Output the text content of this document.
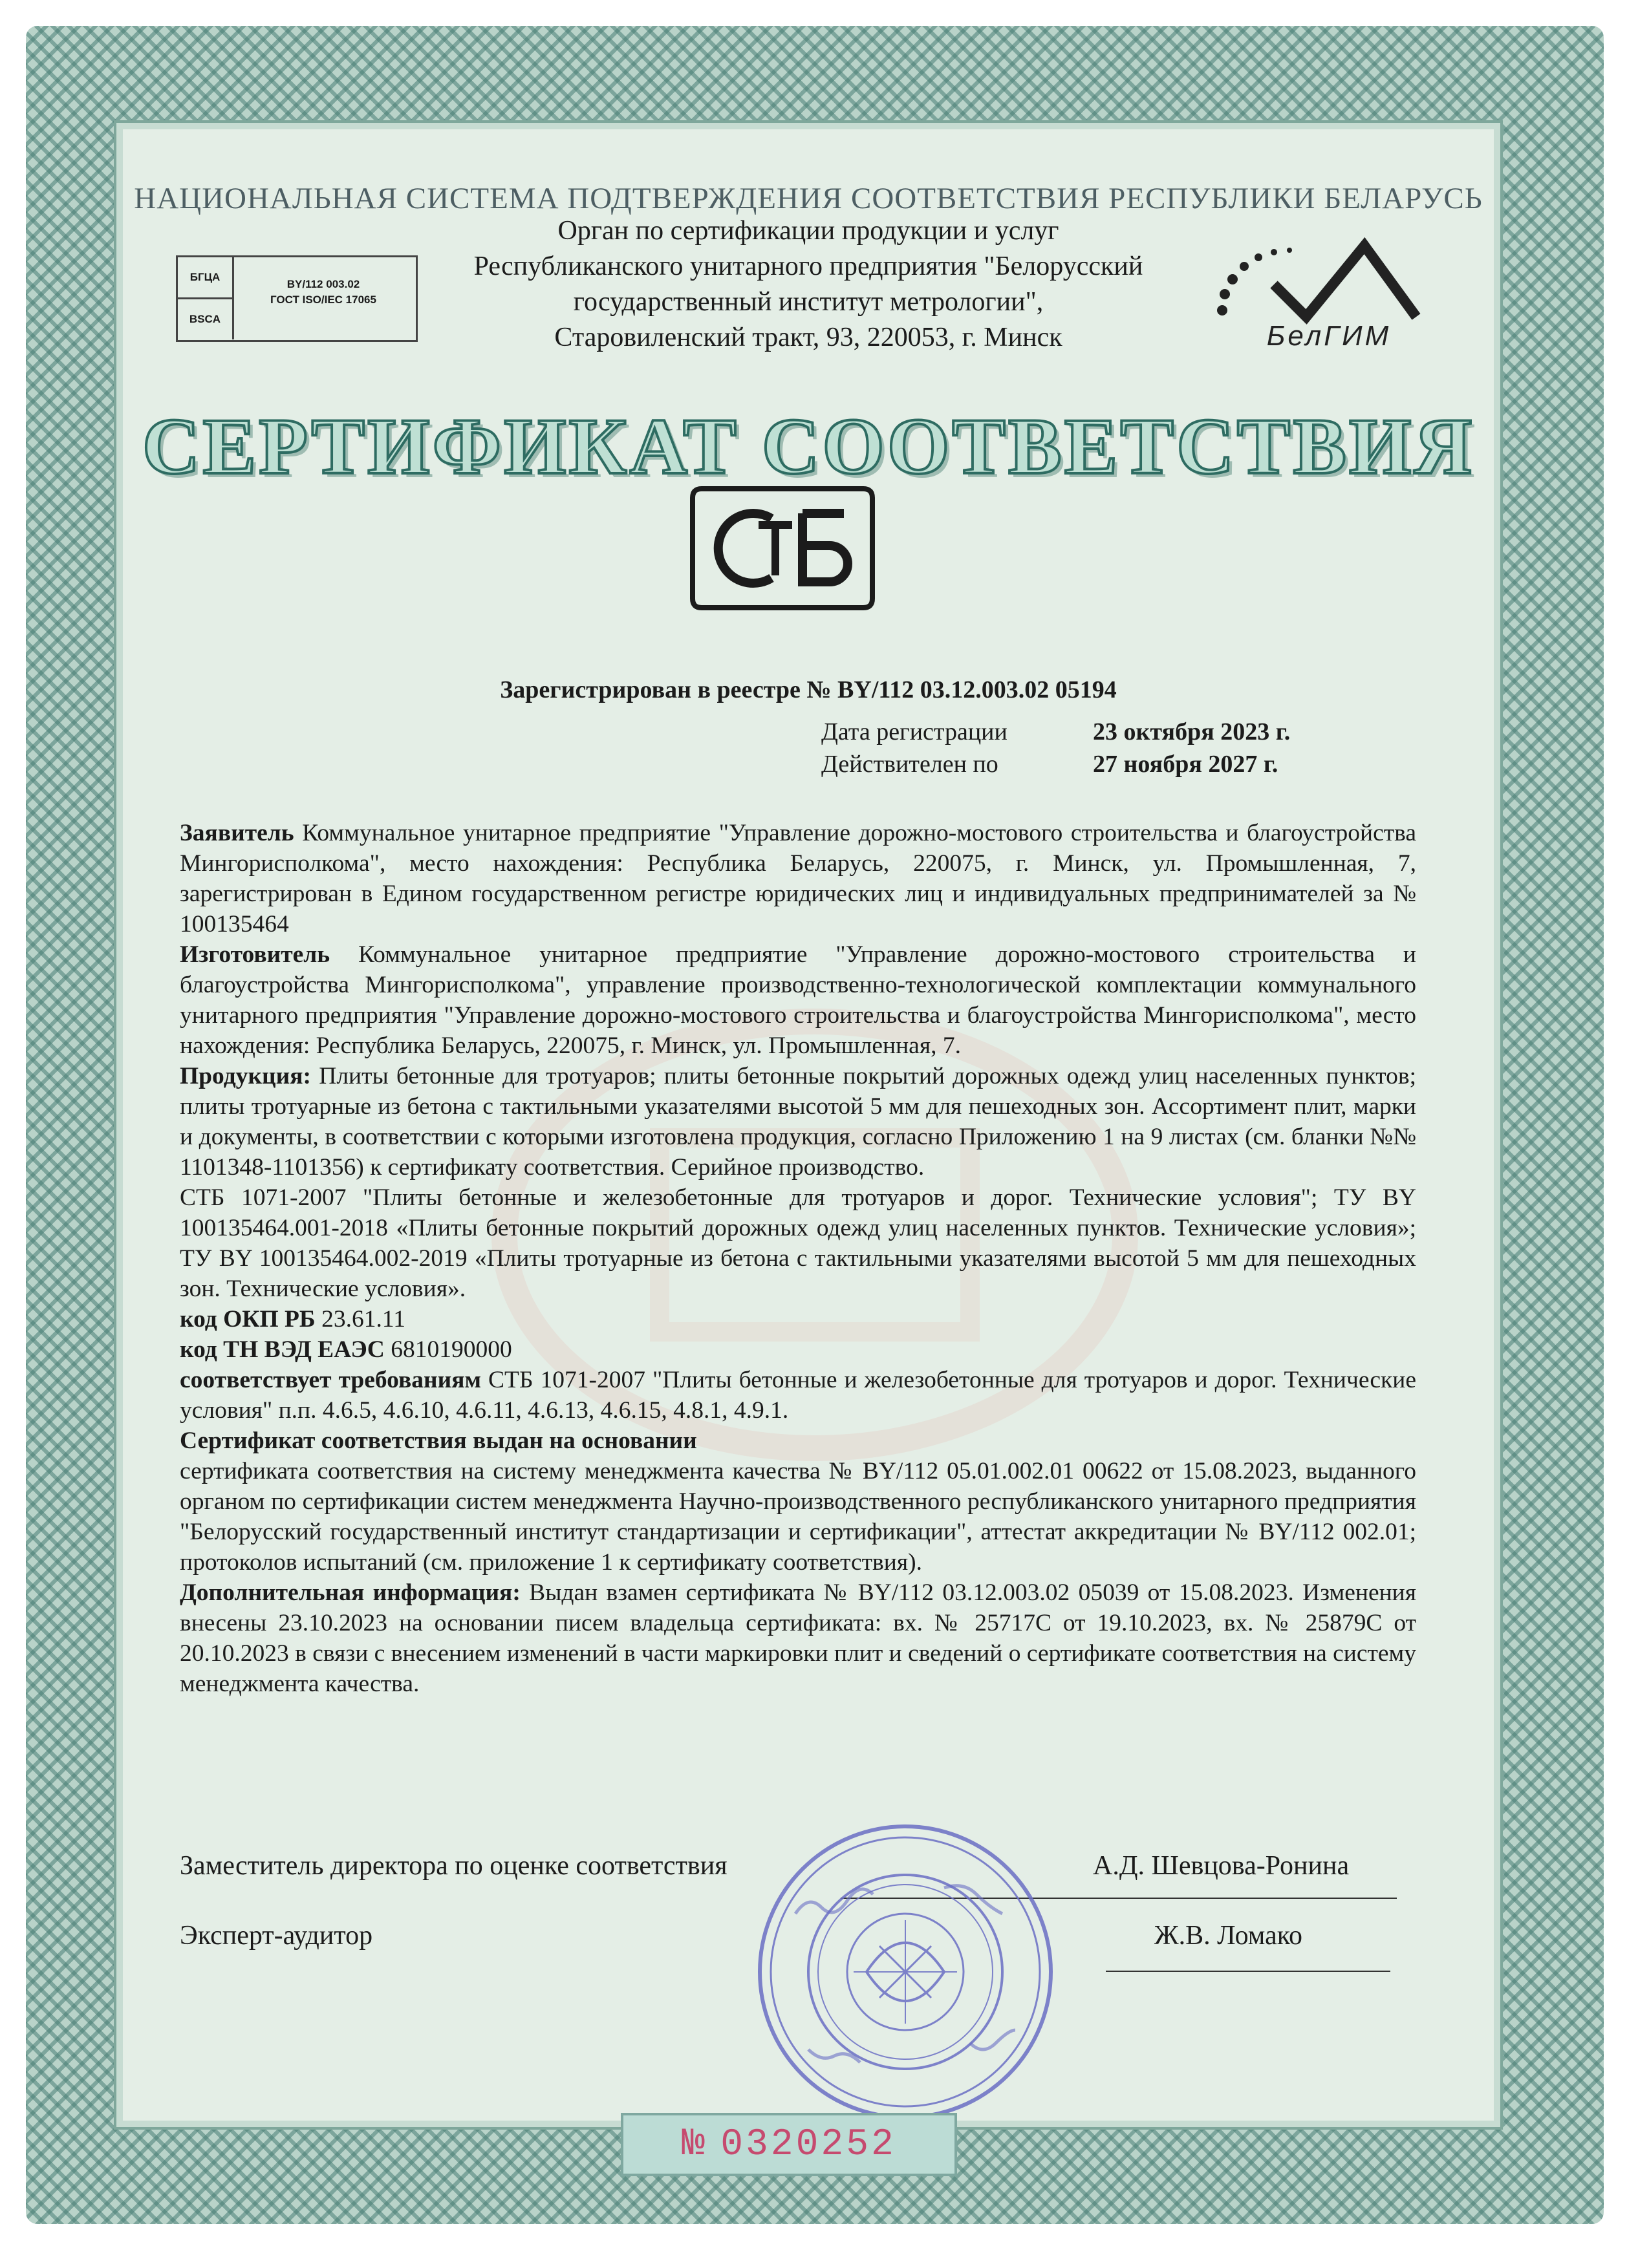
НАЦИОНАЛЬНАЯ СИСТЕМА ПОДТВЕРЖДЕНИЯ СООТВЕТСТВИЯ РЕСПУБЛИКИ БЕЛАРУСЬ
Орган по сертификации продукции и услуг
Республиканского унитарного предприятия "Белорусский
государственный институт метрологии",
Старовиленский тракт, 93, 220053, г. Минск
БГЦА
BSCA
BY/112 003.02
ГОСТ ISO/IEC 17065
БелГИМ
СЕРТИФИКАТ СООТВЕТСТВИЯ
Зарегистрирован в реестре № BY/112 03.12.003.02 05194
Дата регистрации	23 октября 2023 г.
Действителен по	27 ноября 2027 г.

Заявитель Коммунальное унитарное предприятие "Управление дорожно-мостового строительства и благоустройства Мингорисполкома", место нахождения: Республика Беларусь, 220075, г. Минск, ул. Промышленная, 7, зарегистрирован в Едином государственном регистре юридических лиц и индивидуальных предпринимателей за № 100135464

Изготовитель Коммунальное унитарное предприятие "Управление дорожно-мостового строительства и благоустройства Мингорисполкома", управление производственно-технологической комплектации коммунального унитарного предприятия "Управление дорожно-мостового строительства и благоустройства Мингорисполкома", место нахождения: Республика Беларусь, 220075, г. Минск, ул. Промышленная, 7.

Продукция: Плиты бетонные для тротуаров; плиты бетонные покрытий дорожных одежд улиц населенных пунктов; плиты тротуарные из бетона с тактильными указателями высотой 5 мм для пешеходных зон. Ассортимент плит, марки и документы, в соответствии с которыми изготовлена продукция, согласно Приложению 1 на 9 листах (см. бланки №№ 1101348-1101356) к сертификату соответствия. Серийное производство.

СТБ 1071-2007 "Плиты бетонные и железобетонные для тротуаров и дорог. Технические условия"; ТУ BY 100135464.001-2018 «Плиты бетонные покрытий дорожных одежд улиц населенных пунктов. Технические условия»; ТУ BY 100135464.002-2019 «Плиты тротуарные из бетона с тактильными указателями высотой 5 мм для пешеходных зон. Технические условия».

код ОКП РБ 23.61.11

код ТН ВЭД ЕАЭС 6810190000

соответствует требованиям СТБ 1071-2007 "Плиты бетонные и железобетонные для тротуаров и дорог. Технические условия" п.п. 4.6.5, 4.6.10, 4.6.11, 4.6.13, 4.6.15, 4.8.1, 4.9.1.

Сертификат соответствия выдан на основании

сертификата соответствия на систему менеджмента качества № BY/112 05.01.002.01 00622 от 15.08.2023, выданного органом по сертификации систем менеджмента Научно-производственного республиканского унитарного предприятия "Белорусский государственный институт стандартизации и сертификации", аттестат аккредитации № BY/112 002.01; протоколов испытаний (см. приложение 1 к сертификату соответствия).

Дополнительная информация: Выдан взамен сертификата № BY/112 03.12.003.02 05039 от 15.08.2023. Изменения внесены 23.10.2023 на основании писем владельца сертификата: вх. № 25717С от 19.10.2023, вх. № 25879С от 20.10.2023 в связи с внесением изменений в части маркировки плит и сведений о сертификате соответствия на систему менеджмента качества.

Заместитель директора по оценке соответствия	А.Д. Шевцова-Ронина
Эксперт-аудитор	Ж.В. Ломако
№ 0320252
